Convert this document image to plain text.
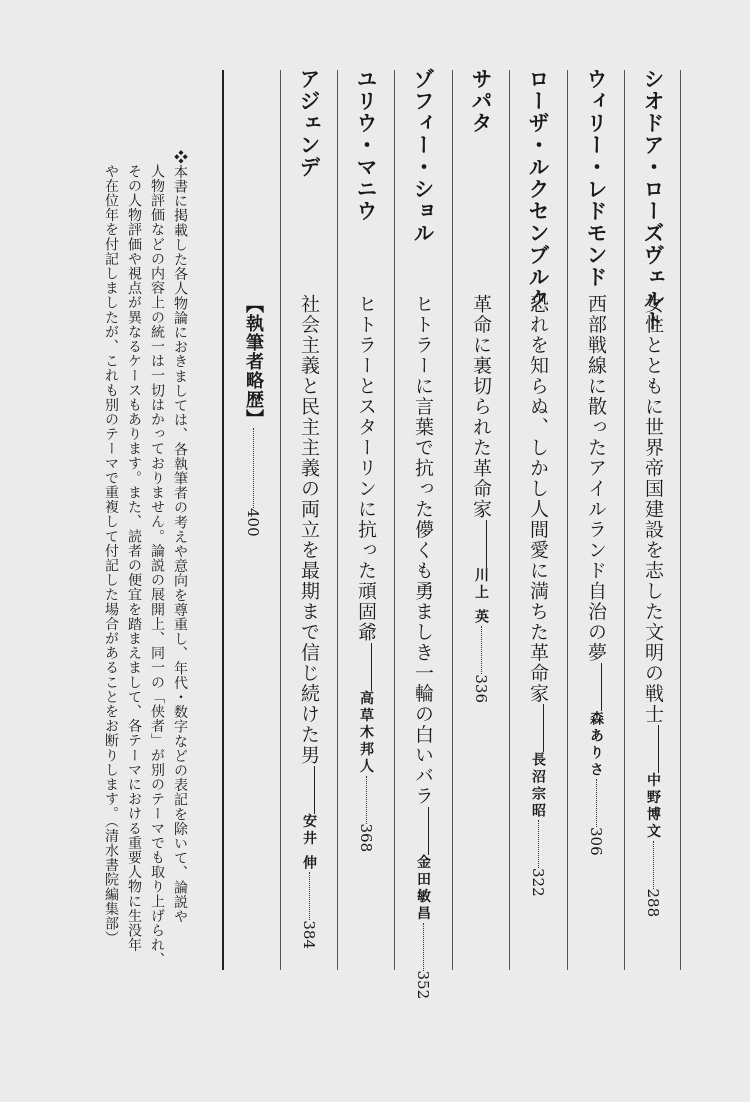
シオドア・ローズヴェルト
女性とともに世界帝国建設を志した文明の戦士中野博文288
ウィリー・レドモンド
西部戦線に散ったアイルランド自治の夢森ありさ306
ローザ・ルクセンブルク
恐れを知らぬ、しかし人間愛に満ちた革命家長沼宗昭322
サパタ
革命に裏切られた革命家川上 英336
ゾフィー・ショル
ヒトラーに言葉で抗った儚くも勇ましき一輪の白いバラ金田敏昌352
ユリウ・マニウ
ヒトラーとスターリンに抗った頑固爺高草木邦人368
アジェンデ
社会主義と民主主義の両立を最期まで信じ続けた男安井 伸384
【執筆者略歴】400
❖本書に掲載した各人物論におきましては、各執筆者の考えや意向を尊重し、年代・数字などの表記を除いて、論説や
人物評価などの内容上の統一は一切はかっておりません。論説の展開上、同一の「侠者」が別のテーマでも取り上げられ、
その人物評価や視点が異なるケースもあります。また、読者の便宜を踏まえまして、各テーマにおける重要人物に生没年
や在位年を付記しましたが、これも別のテーマで重複して付記した場合があることをお断りします。（清水書院編集部）
